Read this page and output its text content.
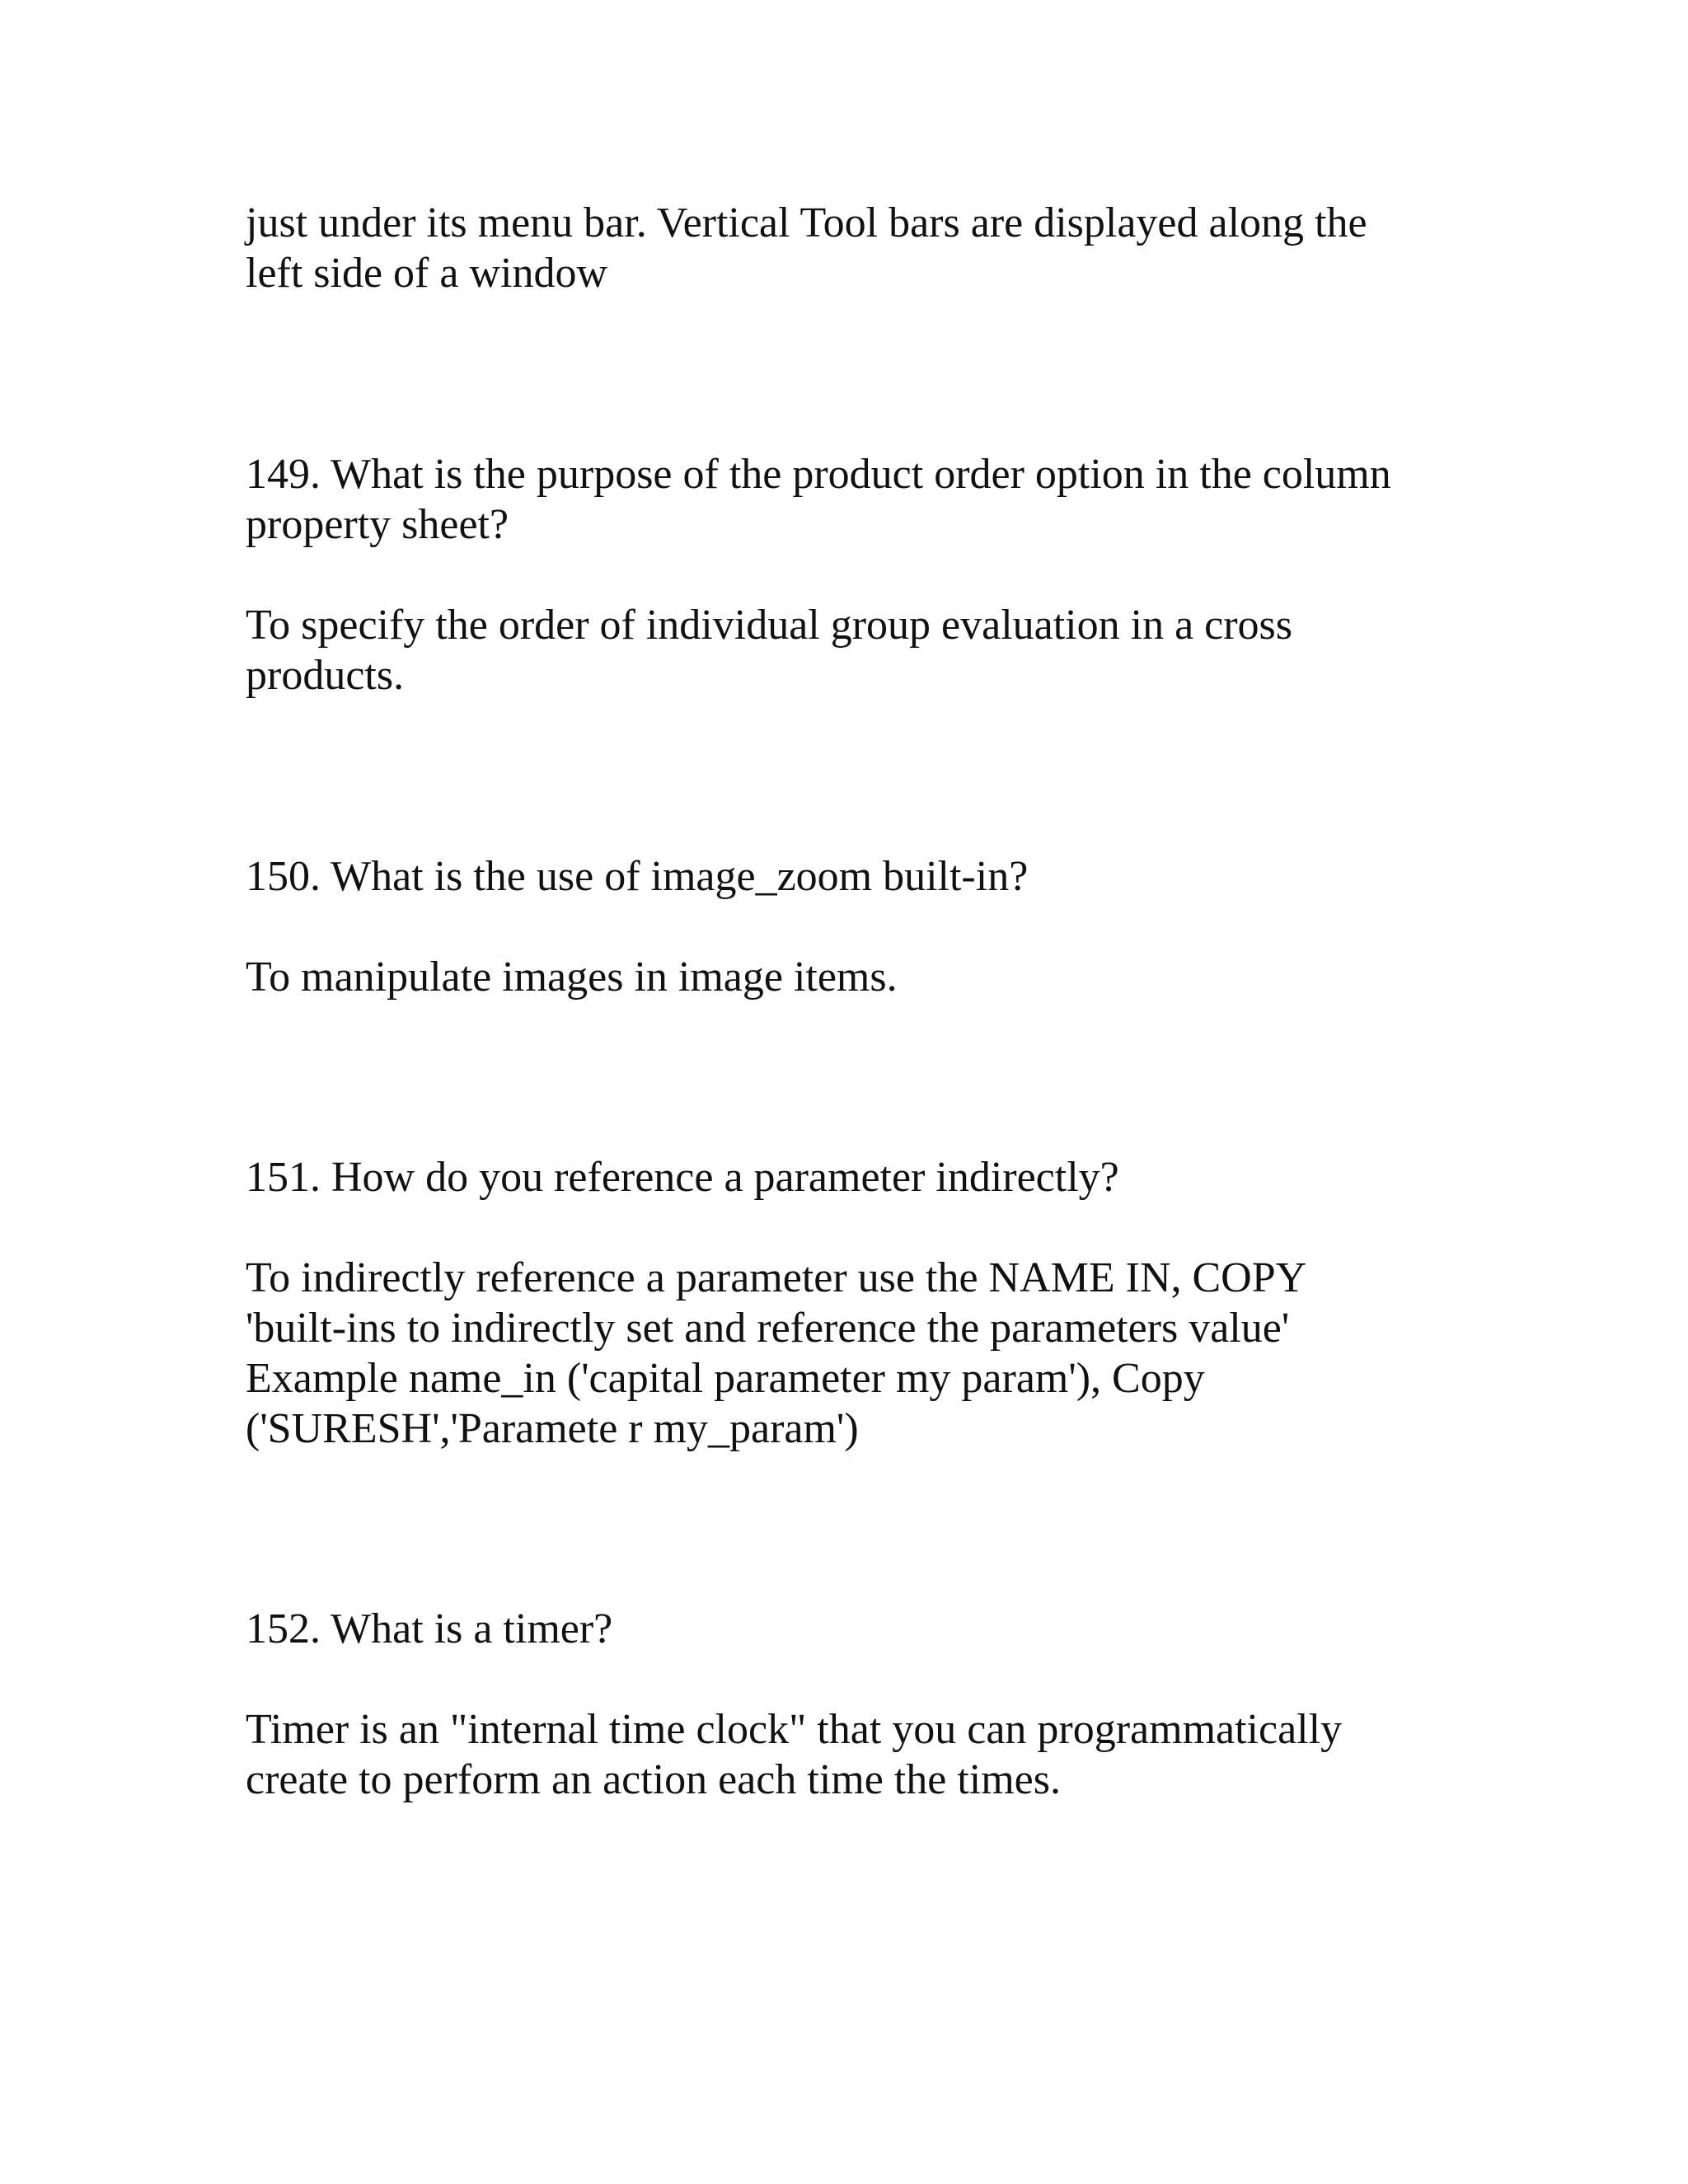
just under its menu bar. Vertical Tool bars are displayed along the
left side of a window

149. What is the purpose of the product order option in the column
property sheet?

To specify the order of individual group evaluation in a cross
products.

150. What is the use of image_zoom built-in?

To manipulate images in image items.

151. How do you reference a parameter indirectly?

To indirectly reference a parameter use the NAME IN, COPY
'built-ins to indirectly set and reference the parameters value'
Example name_in ('capital parameter my param'), Copy
('SURESH','Paramete r my_param')

152. What is a timer?

Timer is an "internal time clock" that you can programmatically
create to perform an action each time the times.
